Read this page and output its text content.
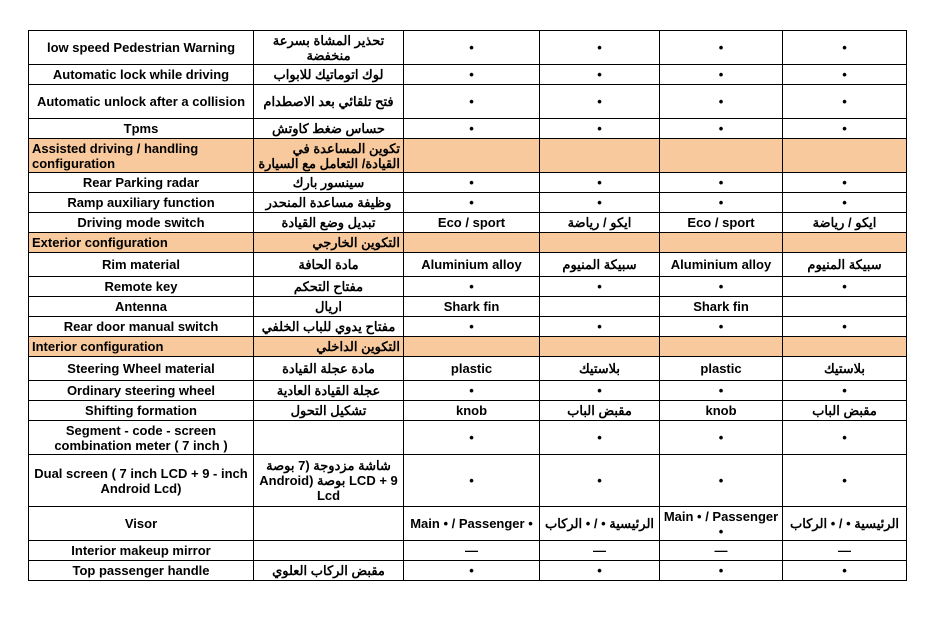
low speed Pedestrian Warning	تحذير المشاة بسرعة منخفضة	•	•	•	•
Automatic lock while driving	لوك اتوماتيك للابواب	•	•	•	•
Automatic unlock after a collision	فتح تلقائي بعد الاصطدام	•	•	•	•
Tpms	حساس ضغط كاوتش	•	•	•	•
Assisted driving / handling configuration	تكوين المساعدة في القيادة/ التعامل مع السيارة				
Rear Parking radar	سينسور بارك	•	•	•	•
Ramp auxiliary function	وظيفة مساعدة المنحدر	•	•	•	•
Driving mode switch	تبديل وضع القيادة	Eco / sport	ايكو / رياضة	Eco / sport	ايكو / رياضة
Exterior configuration	التكوين الخارجي				
Rim material	مادة الحافة	Aluminium alloy	سبيكة المنيوم	Aluminium alloy	سبيكة المنيوم
Remote key	مفتاح التحكم	•	•	•	•
Antenna	اريال	Shark fin		Shark fin	
Rear door manual switch	مفتاح يدوي للباب الخلفي	•	•	•	•
Interior configuration	التكوين الداخلي				
Steering Wheel material	مادة عجلة القيادة	plastic	بلاستيك	plastic	بلاستيك
Ordinary steering wheel	عجلة القيادة العادية	•	•	•	•
Shifting formation	تشكيل التحول	knob	مقبض الباب	knob	مقبض الباب
Segment - code - screen combination meter ( 7 inch )		•	•	•	•
Dual screen ( 7 inch LCD + 9 - inch Android Lcd)	شاشة مزدوجة (7 بوصة LCD + 9 بوصة (Android Lcd	•	•	•	•
Visor		Main • / Passenger •	الرئيسية • / • الركاب	Main • / Passenger •	الرئيسية • / • الركاب
Interior makeup mirror		—	—	—	—
Top passenger handle	مقبض الركاب العلوي	•	•	•	•
